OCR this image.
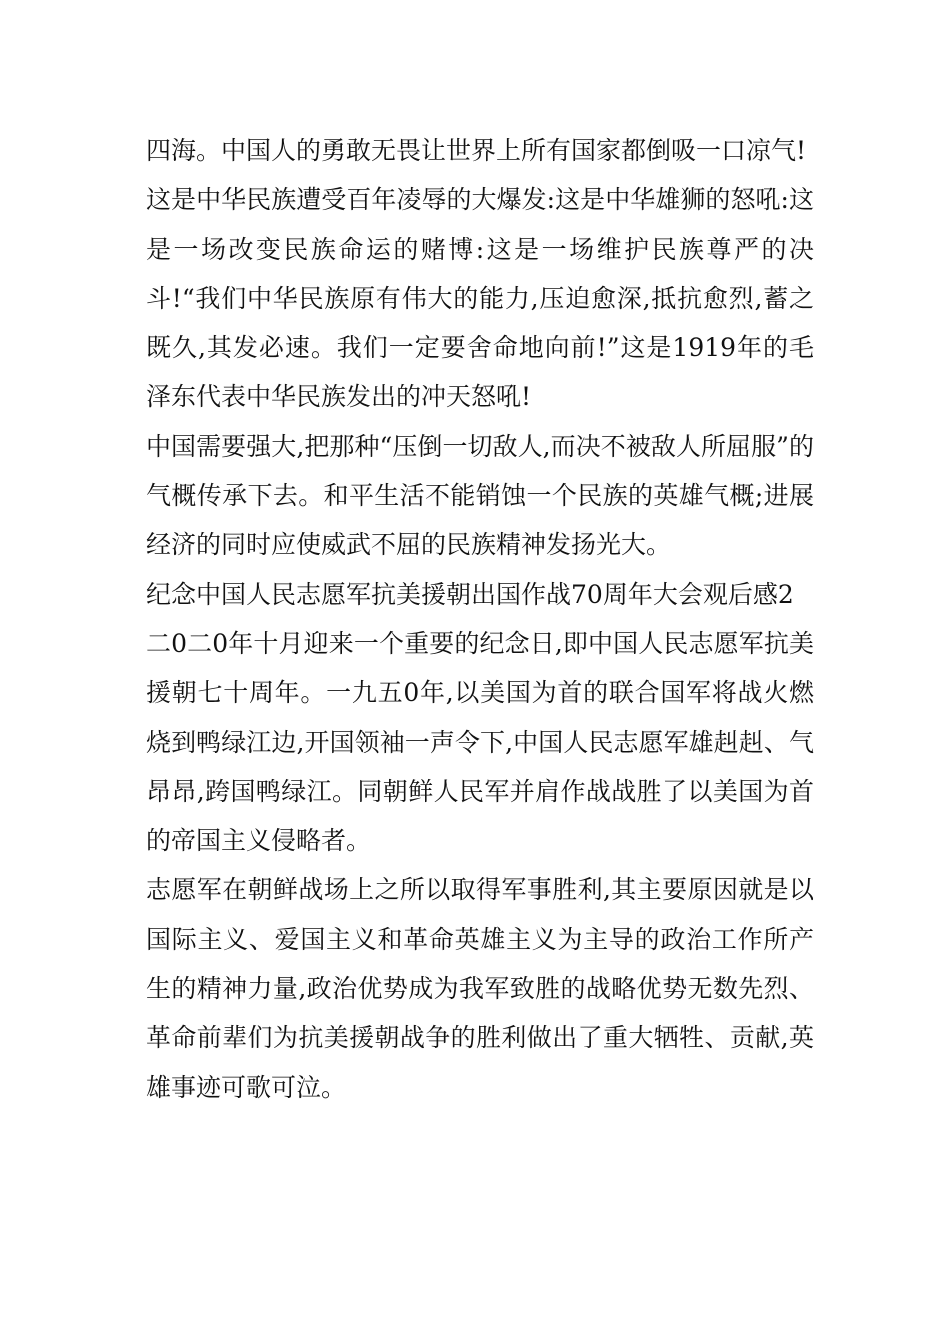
四海。中国人的勇敢无畏让世界上所有国家都倒吸一口凉气!

这是中华民族遭受百年凌辱的大爆发:这是中华雄狮的怒吼:这是一场改变民族命运的赌博:这是一场维护民族尊严的决斗!“我们中华民族原有伟大的能力,压迫愈深,抵抗愈烈,蓄之既久,其发必速。我们一定要舍命地向前!”这是1919年的毛泽东代表中华民族发出的冲天怒吼!

中国需要强大,把那种“压倒一切敌人,而决不被敌人所屈服”的气概传承下去。和平生活不能销蚀一个民族的英雄气概;进展经济的同时应使威武不屈的民族精神发扬光大。

纪念中国人民志愿军抗美援朝出国作战70周年大会观后感2

二0二0年十月迎来一个重要的纪念日,即中国人民志愿军抗美援朝七十周年。一九五0年,以美国为首的联合国军将战火燃烧到鸭绿江边,开国领袖一声令下,中国人民志愿军雄赳赳、气昂昂,跨国鸭绿江。同朝鲜人民军并肩作战战胜了以美国为首的帝国主义侵略者。

志愿军在朝鲜战场上之所以取得军事胜利,其主要原因就是以国际主义、爱国主义和革命英雄主义为主导的政治工作所产生的精神力量,政治优势成为我军致胜的战略优势无数先烈、革命前辈们为抗美援朝战争的胜利做出了重大牺牲、贡献,英雄事迹可歌可泣。
